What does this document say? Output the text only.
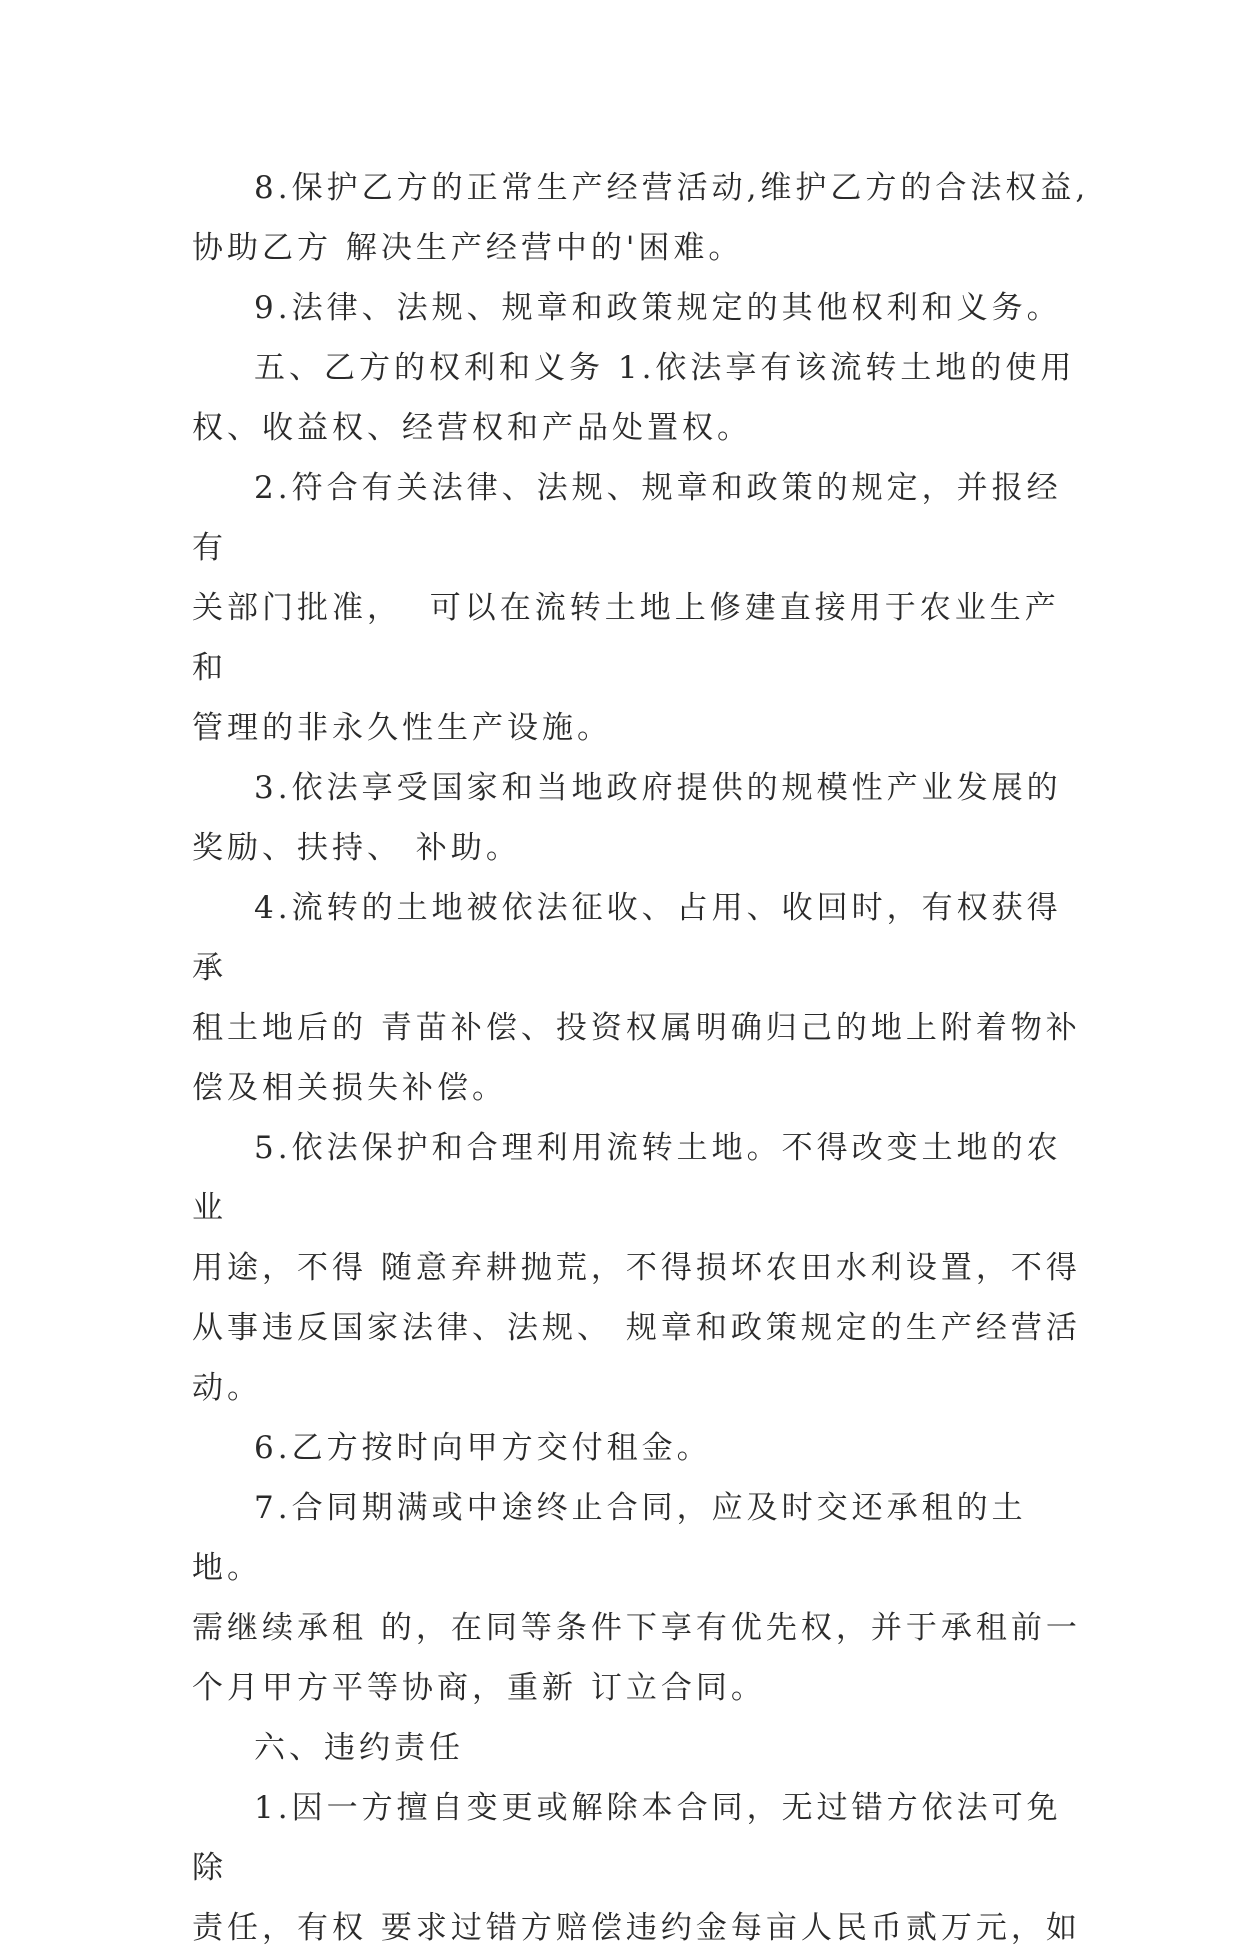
8.保护乙方的正常生产经营活动,维护乙方的合法权益,
协助乙方 解决生产经营中的'困难。

9.法律、法规、规章和政策规定的其他权利和义务。

五、乙方的权利和义务 1.依法享有该流转土地的使用
权、收益权、经营权和产品处置权。

2.符合有关法律、法规、规章和政策的规定，并报经有
关部门批准，  可以在流转土地上修建直接用于农业生产和
管理的非永久性生产设施。

3.依法享受国家和当地政府提供的规模性产业发展的
奖励、扶持、 补助。

4.流转的土地被依法征收、占用、收回时，有权获得承
租土地后的 青苗补偿、投资权属明确归己的地上附着物补
偿及相关损失补偿。

5.依法保护和合理利用流转土地。不得改变土地的农业
用途，不得 随意弃耕抛荒，不得损坏农田水利设置，不得
从事违反国家法律、法规、 规章和政策规定的生产经营活
动。

6.乙方按时向甲方交付租金。

7.合同期满或中途终止合同，应及时交还承租的土地。
需继续承租 的，在同等条件下享有优先权，并于承租前一
个月甲方平等协商，重新 订立合同。

六、违约责任

1.因一方擅自变更或解除本合同，无过错方依法可免除
责任，有权 要求过错方赔偿违约金每亩人民币贰万元，如
